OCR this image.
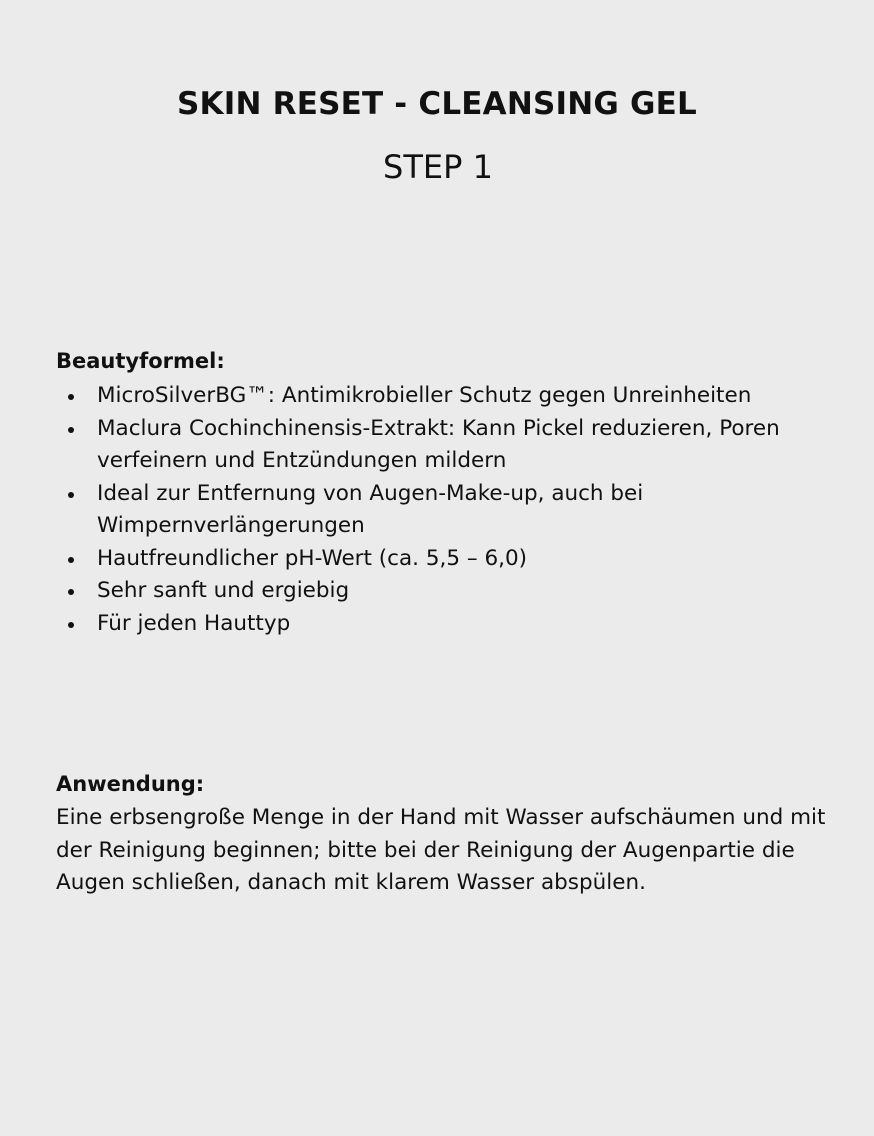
SKIN RESET - CLEANSING GEL
STEP 1
Beautyformel:
MicroSilverBG™: Antimikrobieller Schutz gegen Unreinheiten
Maclura Cochinchinensis-Extrakt: Kann Pickel reduzieren, Poren verfeinern und Entzündungen mildern
Ideal zur Entfernung von Augen-Make-up, auch bei Wimpernverlängerungen
Hautfreundlicher pH-Wert (ca. 5,5 – 6,0)
Sehr sanft und ergiebig
Für jeden Hauttyp
Anwendung:

Eine erbsengroße Menge in der Hand mit Wasser aufschäumen und mit der Reinigung beginnen; bitte bei der Reinigung der Augenpartie die Augen schließen, danach mit klarem Wasser abspülen.
